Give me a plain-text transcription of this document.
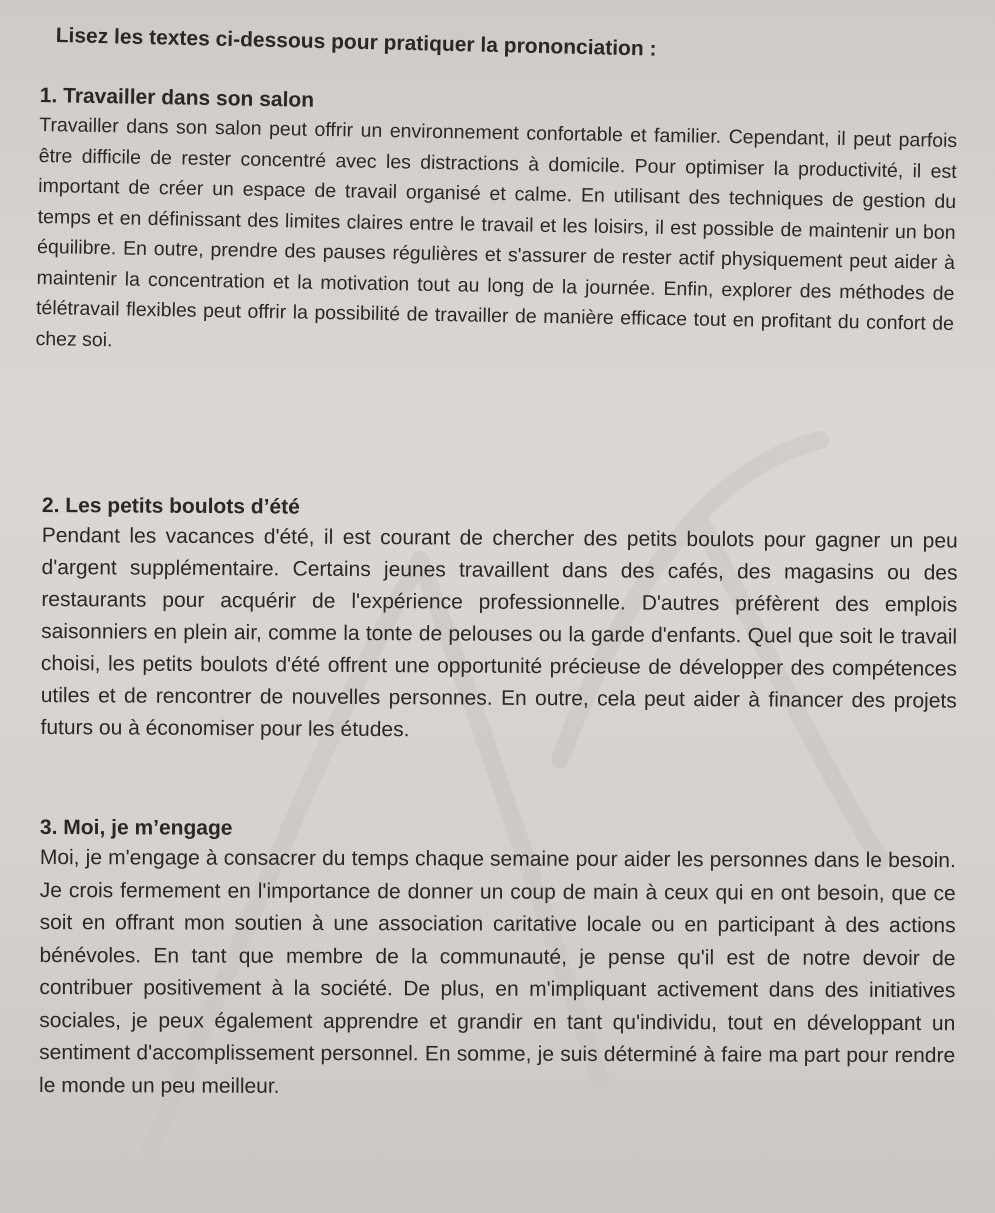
Lisez les textes ci-dessous pour pratiquer la prononciation :
1. Travailler dans son salon

Travailler dans son salon peut offrir un environnement confortable et familier. Cependant, il peut parfois être difficile de rester concentré avec les distractions à domicile. Pour optimiser la productivité, il est important de créer un espace de travail organisé et calme. En utilisant des techniques de gestion du temps et en définissant des limites claires entre le travail et les loisirs, il est possible de maintenir un bon équilibre. En outre, prendre des pauses régulières et s'assurer de rester actif physiquement peut aider à maintenir la concentration et la motivation tout au long de la journée. Enfin, explorer des méthodes de télétravail flexibles peut offrir la possibilité de travailler de manière efficace tout en profitant du confort de chez soi.

2. Les petits boulots d’été

Pendant les vacances d'été, il est courant de chercher des petits boulots pour gagner un peu d'argent supplémentaire. Certains jeunes travaillent dans des cafés, des magasins ou des restaurants pour acquérir de l'expérience professionnelle. D'autres préfèrent des emplois saisonniers en plein air, comme la tonte de pelouses ou la garde d'enfants. Quel que soit le travail choisi, les petits boulots d'été offrent une opportunité précieuse de développer des compétences utiles et de rencontrer de nouvelles personnes. En outre, cela peut aider à financer des projets futurs ou à économiser pour les études.

3. Moi, je m’engage

Moi, je m'engage à consacrer du temps chaque semaine pour aider les personnes dans le besoin. Je crois fermement en l'importance de donner un coup de main à ceux qui en ont besoin, que ce soit en offrant mon soutien à une association caritative locale ou en participant à des actions bénévoles. En tant que membre de la communauté, je pense qu'il est de notre devoir de contribuer positivement à la société. De plus, en m'impliquant activement dans des initiatives sociales, je peux également apprendre et grandir en tant qu'individu, tout en développant un sentiment d'accomplissement personnel. En somme, je suis déterminé à faire ma part pour rendre le monde un peu meilleur.
